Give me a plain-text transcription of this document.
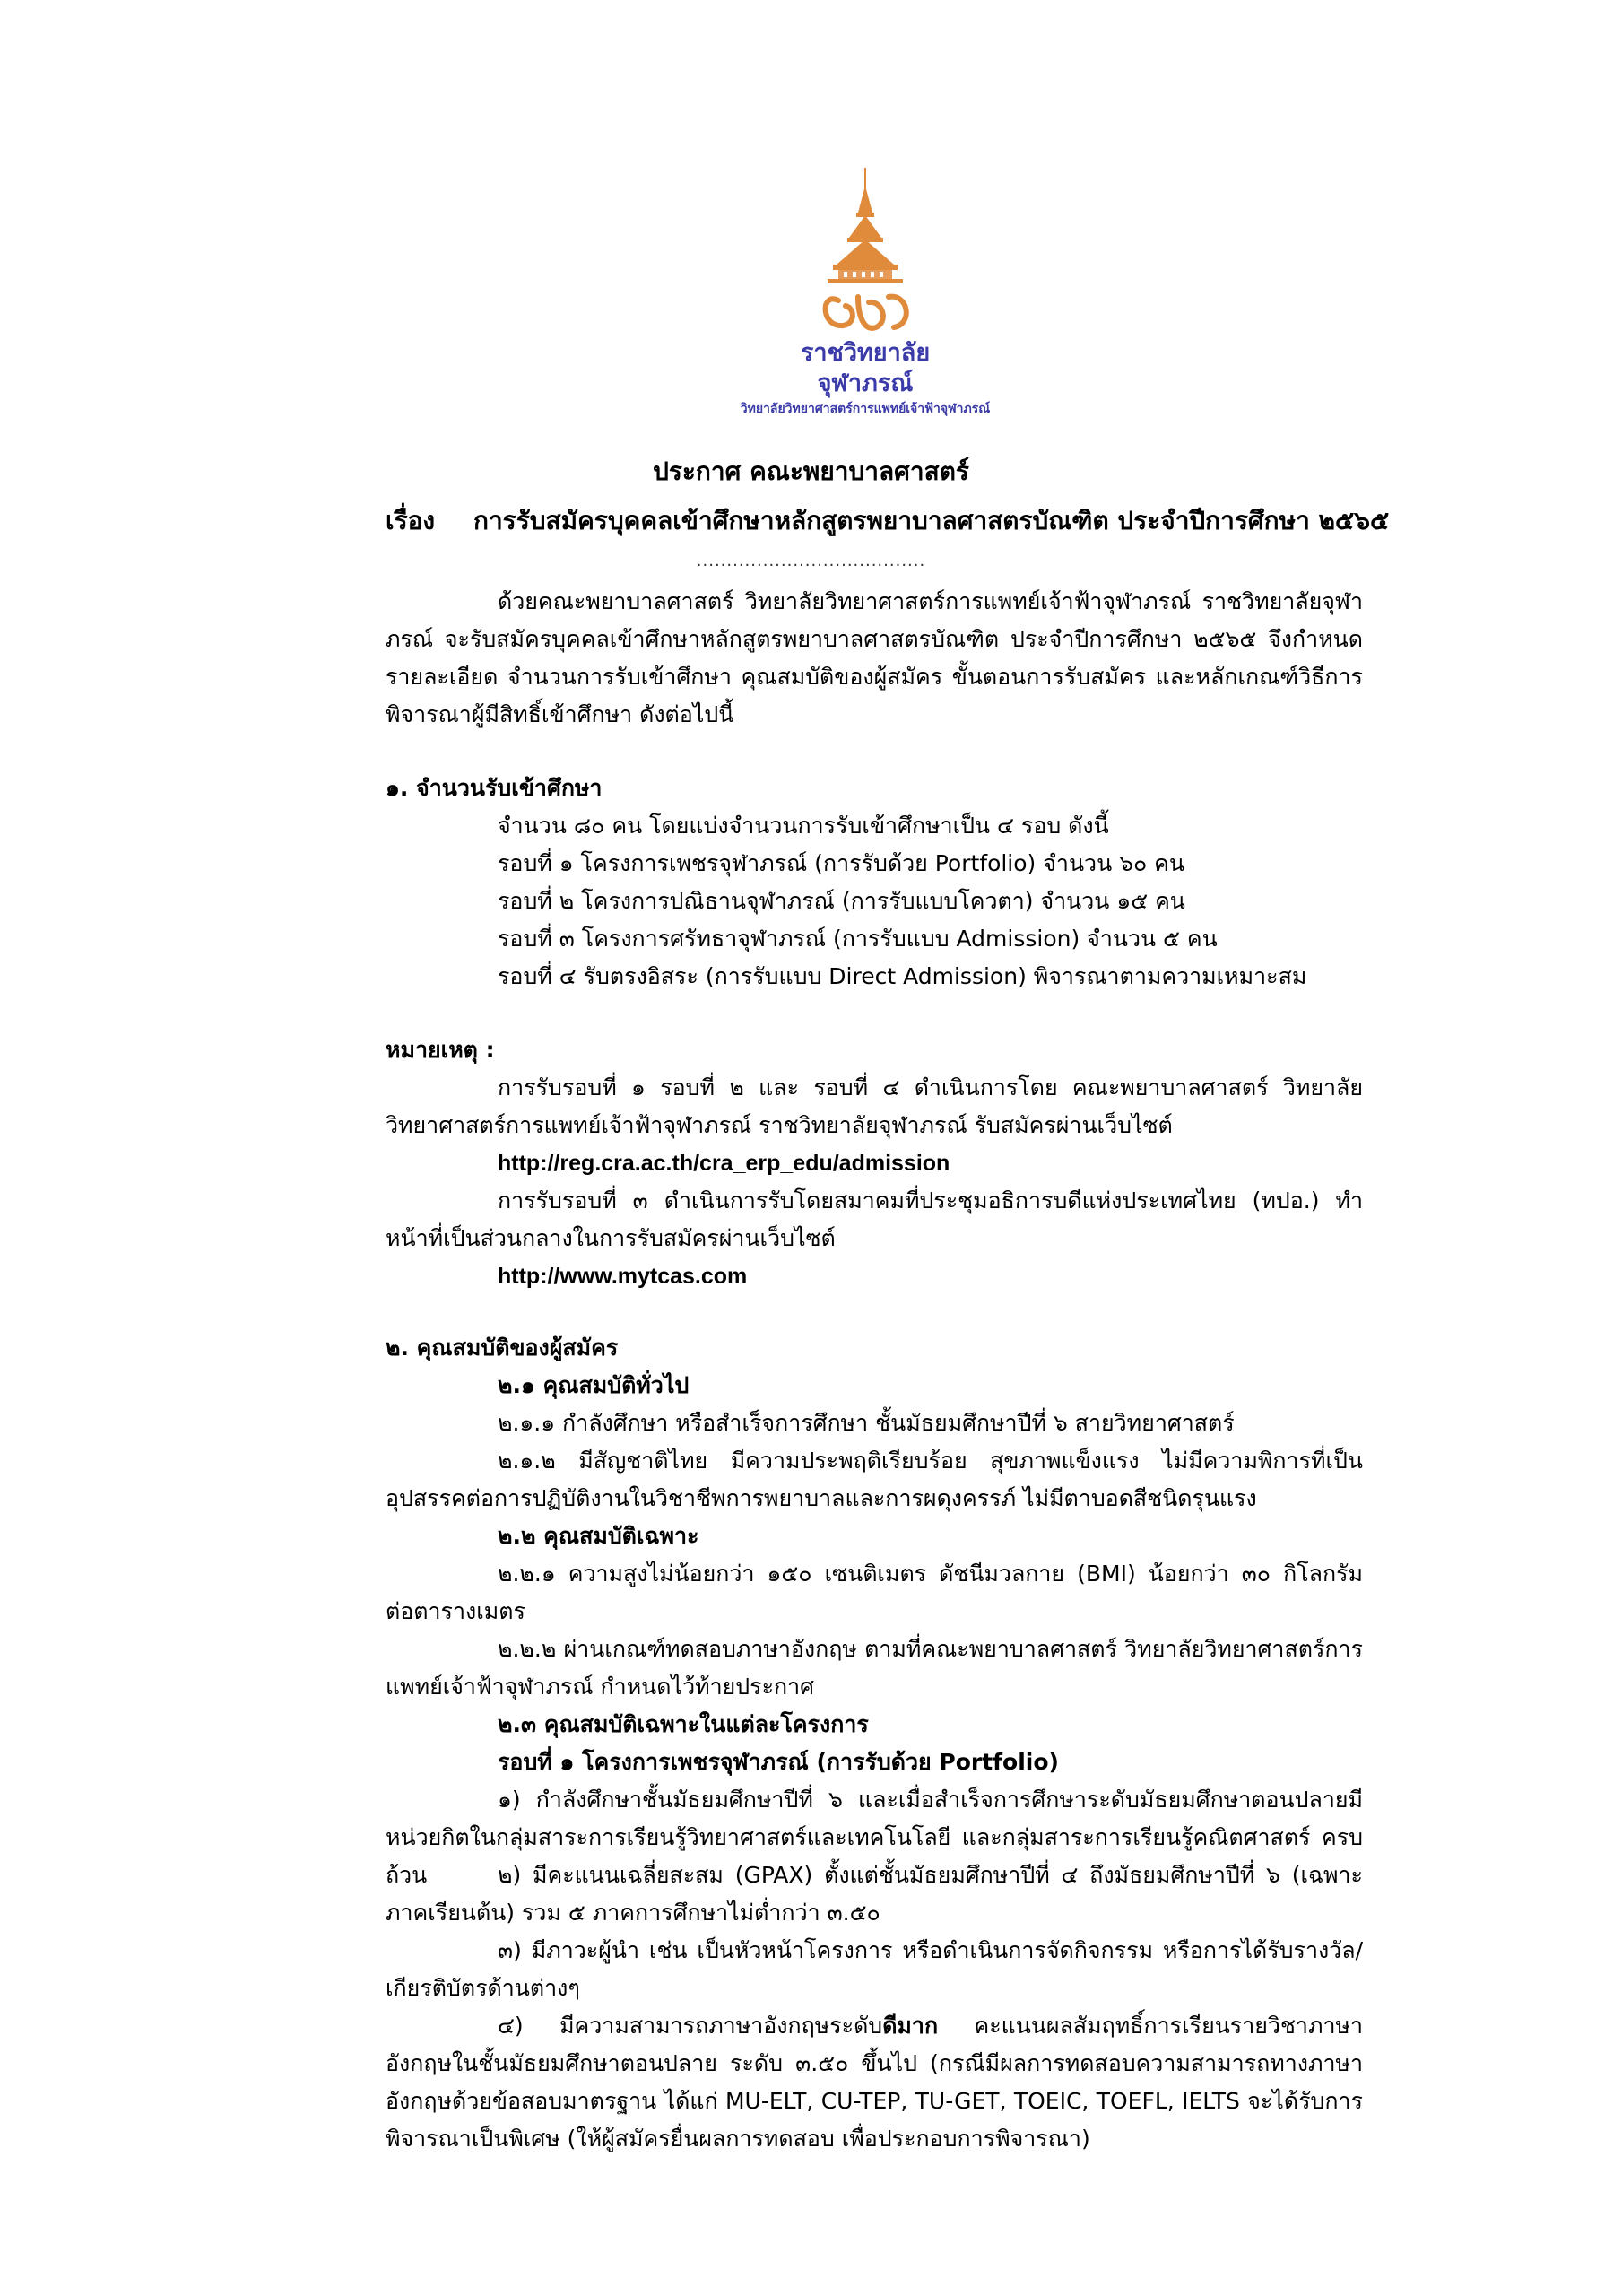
ราชวิทยาลัย
จุฬาภรณ์
วิทยาลัยวิทยาศาสตร์การแพทย์เจ้าฟ้าจุฬาภรณ์
ประกาศ คณะพยาบาลศาสตร์
เรื่อง การรับสมัครบุคคลเข้าศึกษาหลักสูตรพยาบาลศาสตรบัณฑิต ประจำปีการศึกษา ๒๕๖๕
......................................
ด้วยคณะพยาบาลศาสตร์ วิทยาลัยวิทยาศาสตร์การแพทย์เจ้าฟ้าจุฬาภรณ์ ราชวิทยาลัยจุฬาภรณ์ จะรับสมัครบุคคลเข้าศึกษาหลักสูตรพยาบาลศาสตรบัณฑิต ประจำปีการศึกษา ๒๕๖๕ จึงกำหนดรายละเอียด จำนวนการรับเข้าศึกษา คุณสมบัติของผู้สมัคร ขั้นตอนการรับสมัคร และหลักเกณฑ์วิธีการพิจารณาผู้มีสิทธิ์เข้าศึกษา ดังต่อไปนี้
๑. จำนวนรับเข้าศึกษา
จำนวน ๘๐ คน โดยแบ่งจำนวนการรับเข้าศึกษาเป็น ๔ รอบ ดังนี้
รอบที่ ๑ โครงการเพชรจุฬาภรณ์ (การรับด้วย Portfolio) จำนวน ๖๐ คน
รอบที่ ๒ โครงการปณิธานจุฬาภรณ์ (การรับแบบโควตา) จำนวน ๑๕ คน
รอบที่ ๓ โครงการศรัทธาจุฬาภรณ์ (การรับแบบ Admission) จำนวน ๕ คน
รอบที่ ๔ รับตรงอิสระ (การรับแบบ Direct Admission) พิจารณาตามความเหมาะสม
หมายเหตุ :
การรับรอบที่ ๑ รอบที่ ๒ และ รอบที่ ๔ ดำเนินการโดย คณะพยาบาลศาสตร์ วิทยาลัยวิทยาศาสตร์การแพทย์เจ้าฟ้าจุฬาภรณ์ ราชวิทยาลัยจุฬาภรณ์ รับสมัครผ่านเว็บไซต์
http://reg.cra.ac.th/cra_erp_edu/admission
การรับรอบที่ ๓ ดำเนินการรับโดยสมาคมที่ประชุมอธิการบดีแห่งประเทศไทย (ทปอ.) ทำหน้าที่เป็นส่วนกลางในการรับสมัครผ่านเว็บไซต์
http://www.mytcas.com
๒. คุณสมบัติของผู้สมัคร
๒.๑ คุณสมบัติทั่วไป
๒.๑.๑ กำลังศึกษา หรือสำเร็จการศึกษา ชั้นมัธยมศึกษาปีที่ ๖ สายวิทยาศาสตร์
๒.๑.๒ มีสัญชาติไทย มีความประพฤติเรียบร้อย สุขภาพแข็งแรง ไม่มีความพิการที่เป็นอุปสรรคต่อการปฏิบัติงานในวิชาชีพการพยาบาลและการผดุงครรภ์ ไม่มีตาบอดสีชนิดรุนแรง
๒.๒ คุณสมบัติเฉพาะ
๒.๒.๑ ความสูงไม่น้อยกว่า ๑๕๐ เซนติเมตร ดัชนีมวลกาย (BMI) น้อยกว่า ๓๐ กิโลกรัมต่อตารางเมตร
๒.๒.๒ ผ่านเกณฑ์ทดสอบภาษาอังกฤษ ตามที่คณะพยาบาลศาสตร์ วิทยาลัยวิทยาศาสตร์การแพทย์เจ้าฟ้าจุฬาภรณ์ กำหนดไว้ท้ายประกาศ
๒.๓ คุณสมบัติเฉพาะในแต่ละโครงการ
รอบที่ ๑ โครงการเพชรจุฬาภรณ์ (การรับด้วย Portfolio)
๑) กำลังศึกษาชั้นมัธยมศึกษาปีที่ ๖ และเมื่อสำเร็จการศึกษาระดับมัธยมศึกษาตอนปลายมีหน่วยกิตในกลุ่มสาระการเรียนรู้วิทยาศาสตร์และเทคโนโลยี และกลุ่มสาระการเรียนรู้คณิตศาสตร์ ครบถ้วน	๒) มีคะแนนเฉลี่ยสะสม (GPAX) ตั้งแต่ชั้นมัธยมศึกษาปีที่ ๔ ถึงมัธยมศึกษาปีที่ ๖ (เฉพาะภาคเรียนต้น) รวม ๕ ภาคการศึกษาไม่ต่ำกว่า ๓.๕๐
๓) มีภาวะผู้นำ เช่น เป็นหัวหน้าโครงการ หรือดำเนินการจัดกิจกรรม หรือการได้รับรางวัล/เกียรติบัตรด้านต่างๆ
๔) มีความสามารถภาษาอังกฤษระดับดีมาก คะแนนผลสัมฤทธิ์การเรียนรายวิชาภาษาอังกฤษในชั้นมัธยมศึกษาตอนปลาย ระดับ ๓.๕๐ ขึ้นไป (กรณีมีผลการทดสอบความสามารถทางภาษาอังกฤษด้วยข้อสอบมาตรฐาน ได้แก่ MU-ELT, CU-TEP, TU-GET, TOEIC, TOEFL, IELTS จะได้รับการพิจารณาเป็นพิเศษ (ให้ผู้สมัครยื่นผลการทดสอบ เพื่อประกอบการพิจารณา)
